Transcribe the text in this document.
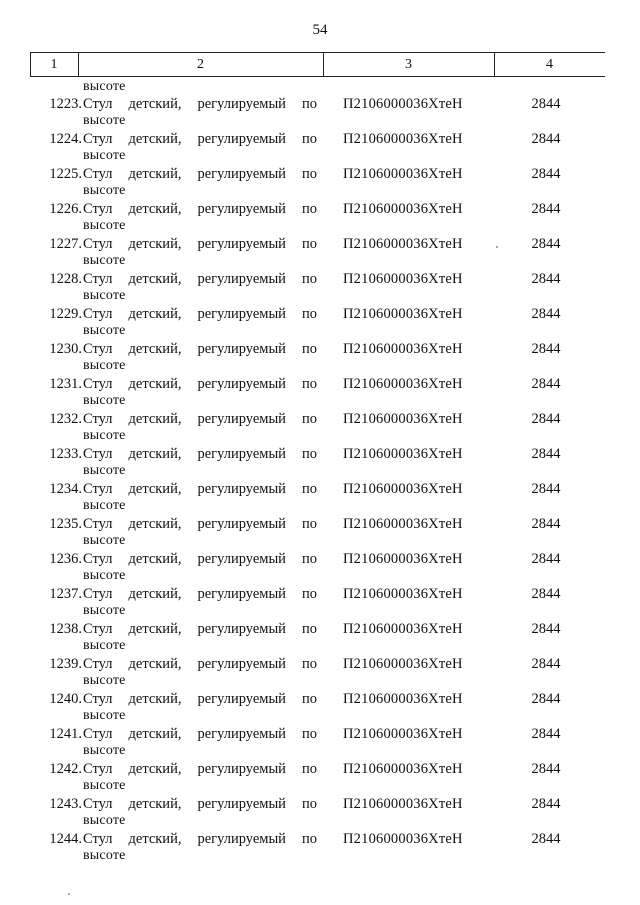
54
1	2	3	4
высоте
1223. Стул детский, регулируемый по
высоте
П2106000036ХтеН	2844
1224. Стул детский, регулируемый по
высоте
П2106000036ХтеН	2844
1225. Стул детский, регулируемый по
высоте
П2106000036ХтеН	2844
1226. Стул детский, регулируемый по
высоте
П2106000036ХтеН	2844
1227. Стул детский, регулируемый по
высоте
П2106000036ХтеН	2844
1228. Стул детский, регулируемый по
высоте
П2106000036ХтеН	2844
1229. Стул детский, регулируемый по
высоте
П2106000036ХтеН	2844
1230. Стул детский, регулируемый по
высоте
П2106000036ХтеН	2844
1231. Стул детский, регулируемый по
высоте
П2106000036ХтеН	2844
1232. Стул детский, регулируемый по
высоте
П2106000036ХтеН	2844
1233. Стул детский, регулируемый по
высоте
П2106000036ХтеН	2844
1234. Стул детский, регулируемый по
высоте
П2106000036ХтеН	2844
1235. Стул детский, регулируемый по
высоте
П2106000036ХтеН	2844
1236. Стул детский, регулируемый по
высоте
П2106000036ХтеН	2844
1237. Стул детский, регулируемый по
высоте
П2106000036ХтеН	2844
1238. Стул детский, регулируемый по
высоте
П2106000036ХтеН	2844
1239. Стул детский, регулируемый по
высоте
П2106000036ХтеН	2844
1240. Стул детский, регулируемый по
высоте
П2106000036ХтеН	2844
1241. Стул детский, регулируемый по
высоте
П2106000036ХтеН	2844
1242. Стул детский, регулируемый по
высоте
П2106000036ХтеН	2844
1243. Стул детский, регулируемый по
высоте
П2106000036ХтеН	2844
1244. Стул детский, регулируемый по
высоте
П2106000036ХтеН	2844
